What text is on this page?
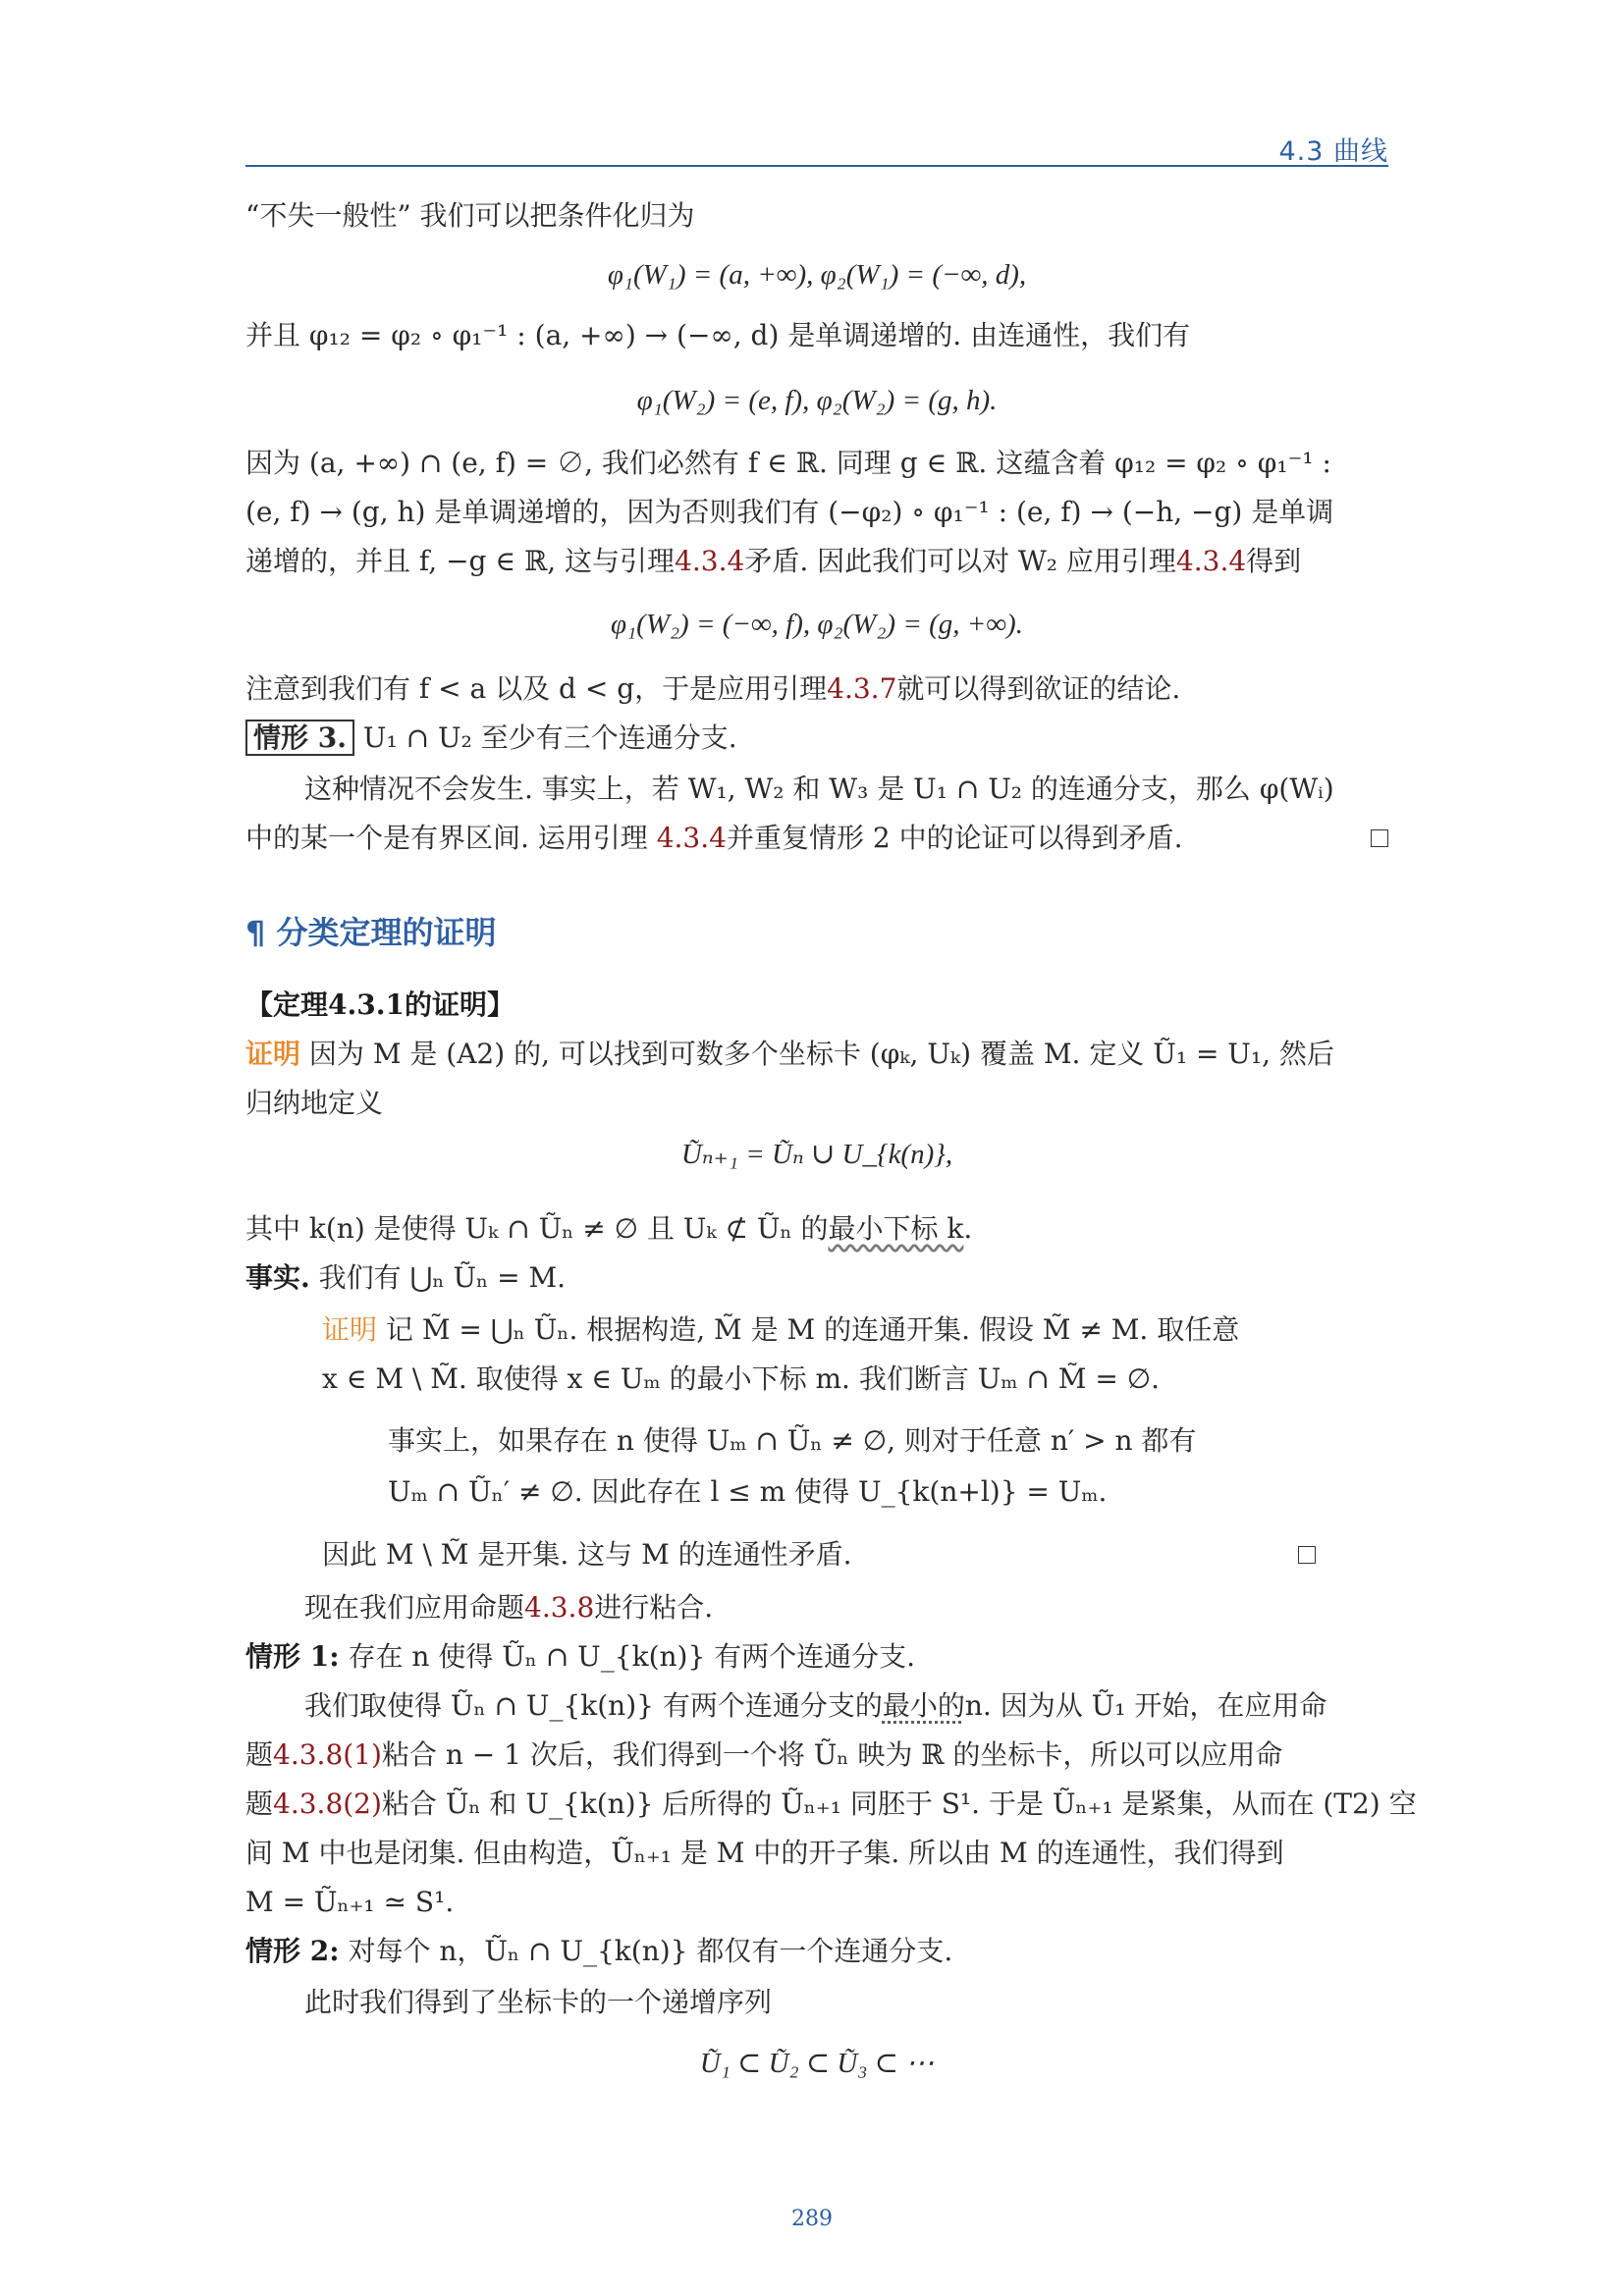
4.3 曲线
“不失一般性” 我们可以把条件化归为
φ₁(W₁) = (a, +∞), φ₂(W₁) = (−∞, d),
并且 φ₁₂ = φ₂ ∘ φ₁⁻¹ : (a, +∞) → (−∞, d) 是单调递增的. 由连通性，我们有
φ₁(W₂) = (e, f), φ₂(W₂) = (g, h).
因为 (a, +∞) ∩ (e, f) = ∅, 我们必然有 f ∈ ℝ. 同理 g ∈ ℝ. 这蕴含着 φ₁₂ = φ₂ ∘ φ₁⁻¹ :
(e, f) → (g, h) 是单调递增的，因为否则我们有 (−φ₂) ∘ φ₁⁻¹ : (e, f) → (−h, −g) 是单调
递增的，并且 f, −g ∈ ℝ, 这与引理4.3.4矛盾. 因此我们可以对 W₂ 应用引理4.3.4得到
φ₁(W₂) = (−∞, f), φ₂(W₂) = (g, +∞).
注意到我们有 f < a 以及 d < g，于是应用引理4.3.7就可以得到欲证的结论.
情形 3. U₁ ∩ U₂ 至少有三个连通分支.
这种情况不会发生. 事实上，若 W₁, W₂ 和 W₃ 是 U₁ ∩ U₂ 的连通分支，那么 φ(Wᵢ)
中的某一个是有界区间. 运用引理 4.3.4并重复情形 2 中的论证可以得到矛盾.
¶ 分类定理的证明
【定理4.3.1的证明】
证明 因为 M 是 (A2) 的, 可以找到可数多个坐标卡 (φₖ, Uₖ) 覆盖 M. 定义 Ũ₁ = U₁, 然后
归纳地定义
Ũₙ₊₁ = Ũₙ ∪ U_{k(n)},
其中 k(n) 是使得 Uₖ ∩ Ũₙ ≠ ∅ 且 Uₖ ⊄ Ũₙ 的最小下标 k.
事实. 我们有 ⋃ₙ Ũₙ = M.
证明 记 M̃ = ⋃ₙ Ũₙ. 根据构造, M̃ 是 M 的连通开集. 假设 M̃ ≠ M. 取任意
x ∈ M \ M̃. 取使得 x ∈ Uₘ 的最小下标 m. 我们断言 Uₘ ∩ M̃ = ∅.
事实上，如果存在 n 使得 Uₘ ∩ Ũₙ ≠ ∅, 则对于任意 n′ > n 都有
Uₘ ∩ Ũₙ′ ≠ ∅. 因此存在 l ≤ m 使得 U_{k(n+l)} = Uₘ.
因此 M \ M̃ 是开集. 这与 M 的连通性矛盾.
现在我们应用命题4.3.8进行粘合.
情形 1: 存在 n 使得 Ũₙ ∩ U_{k(n)} 有两个连通分支.
我们取使得 Ũₙ ∩ U_{k(n)} 有两个连通分支的最小的n. 因为从 Ũ₁ 开始，在应用命
题4.3.8(1)粘合 n − 1 次后，我们得到一个将 Ũₙ 映为 ℝ 的坐标卡，所以可以应用命
题4.3.8(2)粘合 Ũₙ 和 U_{k(n)} 后所得的 Ũₙ₊₁ 同胚于 S¹. 于是 Ũₙ₊₁ 是紧集，从而在 (T2) 空
间 M 中也是闭集. 但由构造，Ũₙ₊₁ 是 M 中的开子集. 所以由 M 的连通性，我们得到
M = Ũₙ₊₁ ≃ S¹.
情形 2: 对每个 n，Ũₙ ∩ U_{k(n)} 都仅有一个连通分支.
此时我们得到了坐标卡的一个递增序列
Ũ₁ ⊂ Ũ₂ ⊂ Ũ₃ ⊂ ⋯
289
